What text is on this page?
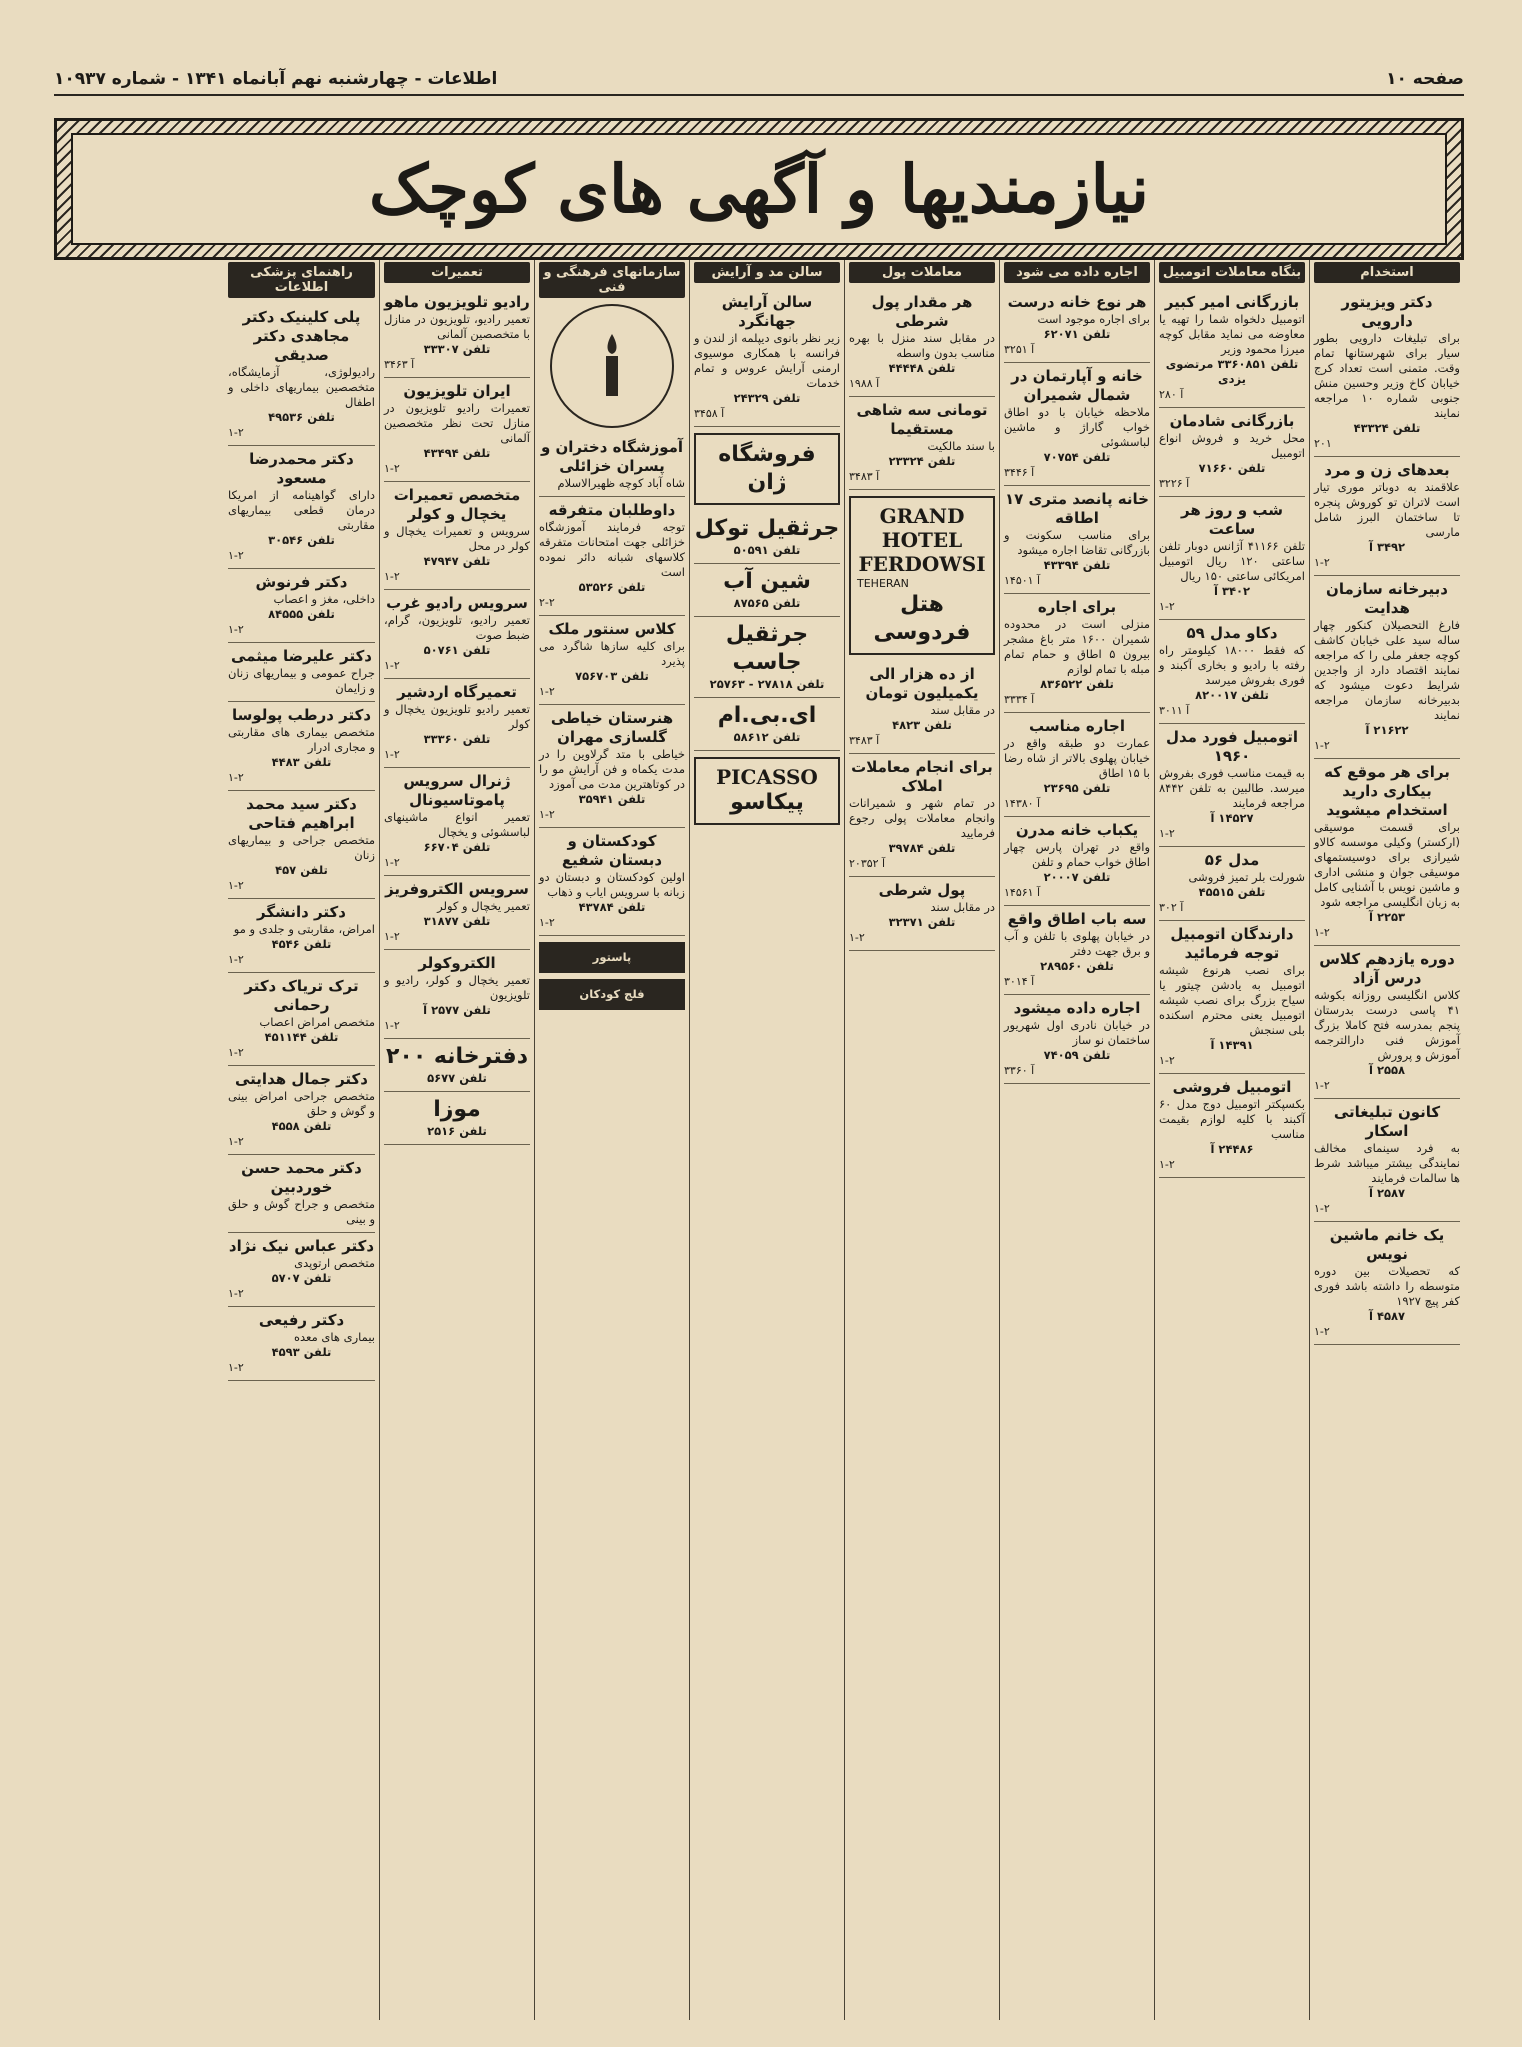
صفحه ۱۰
اطلاعات - چهارشنبه نهم آبانماه ۱۳۴۱ - شماره ۱۰۹۳۷
نیازمندیها و آگهی های کوچک
استخدام
دکتر ویزیتور دارویی
برای تبلیغات دارویی بطور سیار برای شهرستانها تمام وقت. متمنی است تعداد کرج خیابان کاخ وزیر وحسین منش جنوبی شماره ۱۰ مراجعه نمایند
تلفن ۴۳۳۲۴
۲۰۱
بعدهای زن و مرد
علاقمند به دوباتر موری تیار است لاتران تو کوروش پنجره تا ساختمان البرز شامل مارسی
۳۴۹۲ آ
۱-۲
دبیرخانه سازمان هدایت
فارغ التحصیلان کنکور چهار ساله سید علی خیابان کاشف کوچه جعفر ملی را که مراجعه نمایند اقتصاد دارد از واجدین شرایط دعوت میشود که بدبیرخانه سازمان مراجعه نمایند
۲۱۶۲۲ آ
۱-۲
برای هر موقع که بیکاری دارید استخدام میشوید
برای قسمت موسیقی (ارکستر) وکیلی موسسه کالاو شیرازی برای دوسیستمهای موسیقی جوان و منشی اداری و ماشین نویس با آشنایی کامل به زبان انگلیسی مراجعه شود
۲۲۵۳ آ
۱-۲
دوره یازدهم کلاس درس آزاد
کلاس انگلیسی روزانه بکوشه ۴۱ پاسی درست بدرستان پنجم بمدرسه فتح کاملا بزرگ آموزش فنی دارالترجمه آموزش و پرورش
۲۵۵۸ آ
۱-۲
کانون تبلیغاتی اسکار
به فرد سینمای مخالف نمایندگی بیشتر میباشد شرط ها سالمات فرمایند
۲۵۸۷ آ
۱-۲
یک خانم ماشین نویس
که تحصیلات بین دوره متوسطه را داشته باشد فوری کفر پیچ ۱۹۲۷
۴۵۸۷ آ
۱-۲
بنگاه معاملات اتومبیل
بازرگانی امیر کبیر
اتومبیل دلخواه شما را تهیه یا معاوضه می نماید مقابل کوچه میرزا محمود وزیر
تلفن ۳۳۶۰۸۵۱ مرتضوی یزدی
۲۸۰ آ
بازرگانی شادمان
محل خرید و فروش انواع اتومبیل
تلفن ۷۱۶۶۰
۳۲۲۶ آ
شب و روز هر ساعت
تلفن ۴۱۱۶۶ آژانس دوبار تلفن ساعتی ۱۲۰ ریال اتومبیل امریکائی ساعتی ۱۵۰ ریال
۳۴۰۲ آ
۱-۲
دکاو مدل ۵۹
که فقط ۱۸۰۰۰ کیلومتر راه رفته با رادیو و بخاری آکبند و فوری بفروش میرسد
تلفن ۸۲۰۰۱۷
۳۰۱۱ آ
اتومبیل فورد مدل ۱۹۶۰
به قیمت مناسب فوری بفروش میرسد. طالبین به تلفن ۸۴۴۲ مراجعه فرمایند
۱۴۵۲۷ آ
۱-۲
مدل ۵۶
شورلت بلر تمیز فروشی
تلفن ۴۵۵۱۵
۳۰۲ آ
دارندگان اتومبیل توجه فرمائید
برای نصب هرنوع شیشه اتومبیل به یادشن چیتور یا سیاح بزرگ برای نصب شیشه اتومبیل یعنی محترم اسکنده بلی سنجش
۱۴۳۹۱ آ
۱-۲
اتومبیل فروشی
بکسپکتر اتومبیل دوج مدل ۶۰ آکبند با کلیه لوازم بقیمت مناسب
۲۴۴۸۶ آ
۱-۲
اجاره داده می شود
هر نوع خانه درست
برای اجاره موجود است
تلفن ۶۲۰۷۱
۳۲۵۱ آ
خانه و آپارتمان در شمال شمیران
ملاحظه خیابان با دو اطاق خواب گاراژ و ماشین لباسشوئی
تلفن ۷۰۷۵۴
۳۴۴۶ آ
خانه پانصد متری ۱۷ اطاقه
برای مناسب سکونت و بازرگانی تقاضا اجاره میشود
تلفن ۴۳۳۹۴
۱۴۵۰۱ آ
برای اجاره
منزلی است در محدوده شمیران ۱۶۰۰ متر باغ مشجر بیرون ۵ اطاق و حمام تمام مبله با تمام لوازم
تلفن ۸۳۶۵۲۲
۳۳۳۴ آ
اجاره مناسب
عمارت دو طبقه واقع در خیابان پهلوی بالاتر از شاه رضا با ۱۵ اطاق
تلفن ۲۳۶۹۵
۱۴۳۸۰ آ
یکباب خانه مدرن
واقع در تهران پارس چهار اطاق خواب حمام و تلفن
تلفن ۲۰۰۰۷
۱۴۵۶۱ آ
سه باب اطاق واقع
در خیابان پهلوی با تلفن و آب و برق جهت دفتر
تلفن ۲۸۹۵۶۰
۳۰۱۴ آ
اجاره داده میشود
در خیابان نادری اول شهریور ساختمان نو ساز
تلفن ۷۴۰۵۹
۳۳۶۰ آ
معاملات پول
هر مقدار پول شرطی
در مقابل سند منزل با بهره مناسب بدون واسطه
تلفن ۴۴۴۴۸
۱۹۸۸ آ
تومانی سه شاهی مستقیما
با سند مالکیت
تلفن ۲۳۳۲۴
۳۴۸۳ آ
GRAND HOTEL FERDOWSI
TEHERAN
هتل فردوسی
از ده هزار الی یکمیلیون تومان
در مقابل سند
تلفن ۴۸۲۳
۳۴۸۳ آ
برای انجام معاملات املاک
در تمام شهر و شمیرانات وانجام معاملات پولی رجوع فرمایید
تلفن ۳۹۷۸۴
۲۰۳۵۲ آ
پول شرطی
در مقابل سند
تلفن ۳۲۳۷۱
۱-۲
سالن مد و آرایش
سالن آرایش جهانگرد
زیر نظر بانوی دیپلمه از لندن و فرانسه با همکاری موسیوی ارمنی آرایش عروس و تمام خدمات
تلفن ۲۴۳۲۹
۳۴۵۸ آ
فروشگاه ژان
جرثقیل توکل
تلفن ۵۰۵۹۱
شین آب
تلفن ۸۷۵۶۵
جرثقیل جاسب
تلفن ۲۷۸۱۸ - ۲۵۷۶۳
ای.بی.ام
تلفن ۵۸۶۱۲
PICASSO
پیکاسو
سازمانهای فرهنگی و فنی
آموزشگاه دختران و پسران خزائلی
شاه آباد کوچه ظهیرالاسلام
داوطلبان متفرقه
توجه فرمایند آموزشگاه خزائلی جهت امتحانات متفرقه کلاسهای شبانه دائر نموده است
تلفن ۵۳۵۲۶
۲-۲
کلاس سنتور ملک
برای کلیه سازها شاگرد می پذیرد
تلفن ۷۵۶۷۰۳
۱-۲
هنرستان خیاطی گلسازی مهران
خیاطی با متد گرلاوین را در مدت یکماه و فن آرایش مو را در کوتاهترین مدت می آموزد
تلفن ۳۵۹۴۱
۱-۲
کودکستان و دبستان شفیع
اولین کودکستان و دبستان دو زبانه با سرویس ایاب و ذهاب
تلفن ۴۳۷۸۴
۱-۲
پاستور
فلج کودکان
تعمیرات
رادیو تلویزیون ماهو
تعمیر رادیو، تلویزیون در منازل با متخصصین آلمانی
تلفن ۳۳۳۰۷
۳۴۶۳ آ
ایران تلویزیون
تعمیرات رادیو تلویزیون در منازل تحت نظر متخصصین آلمانی
تلفن ۴۳۴۹۴
۱-۲
متخصص تعمیرات یخچال و کولر
سرویس و تعمیرات یخچال و کولر در محل
تلفن ۴۷۹۴۷
۱-۲
سرویس رادیو غرب
تعمیر رادیو، تلویزیون، گرام، ضبط صوت
تلفن ۵۰۷۶۱
۱-۲
تعمیرگاه اردشیر
تعمیر رادیو تلویزیون یخچال و کولر
تلفن ۳۳۳۶۰
۱-۲
ژنرال سرویس پاموتاسیونال
تعمیر انواع ماشینهای لباسشوئی و یخچال
تلفن ۶۶۷۰۴
۱-۲
سرویس الکتروفریز
تعمیر یخچال و کولر
تلفن ۳۱۸۷۷
۱-۲
الکتروکولر
تعمیر یخچال و کولر، رادیو و تلویزیون
تلفن ۲۵۷۷ آ
۱-۲
دفترخانه ۲۰۰
تلفن ۵۶۷۷
موزا
تلفن ۲۵۱۶
راهنمای پزشکی اطلاعات
پلی کلینیک دکتر مجاهدی دکتر صدیقی
رادیولوژی، آزمایشگاه، متخصصین بیماریهای داخلی و اطفال
تلفن ۴۹۵۳۶
۱-۲
دکتر محمدرضا مسعود
دارای گواهینامه از امریکا درمان قطعی بیماریهای مقاربتی
تلفن ۳۰۵۴۶
۱-۲
دکتر فرنوش
داخلی، مغز و اعصاب
تلفن ۸۴۵۵۵
۱-۲
دکتر علیرضا میثمی
جراح عمومی و بیماریهای زنان و زایمان
دکتر درطب پولوسا
متخصص بیماری های مقاربتی و مجاری ادرار
تلفن ۴۴۸۳
۱-۲
دکتر سید محمد ابراهیم فتاحی
متخصص جراحی و بیماریهای زنان
تلفن ۴۵۷
۱-۲
دکتر دانشگر
امراض، مقاربتی و جلدی و مو
تلفن ۴۵۴۶
۱-۲
ترک تریاک دکتر رحمانی
متخصص امراض اعصاب
تلفن ۴۵۱۱۴۴
۱-۲
دکتر جمال هدایتی
متخصص جراحی امراض بینی و گوش و حلق
تلفن ۴۵۵۸
۱-۲
دکتر محمد حسن خوردبین
متخصص و جراح گوش و حلق و بینی
دکتر عباس نیک نژاد
متخصص ارتوپدی
تلفن ۵۷۰۷
۱-۲
دکتر رفیعی
بیماری های معده
تلفن ۴۵۹۳
۱-۲
